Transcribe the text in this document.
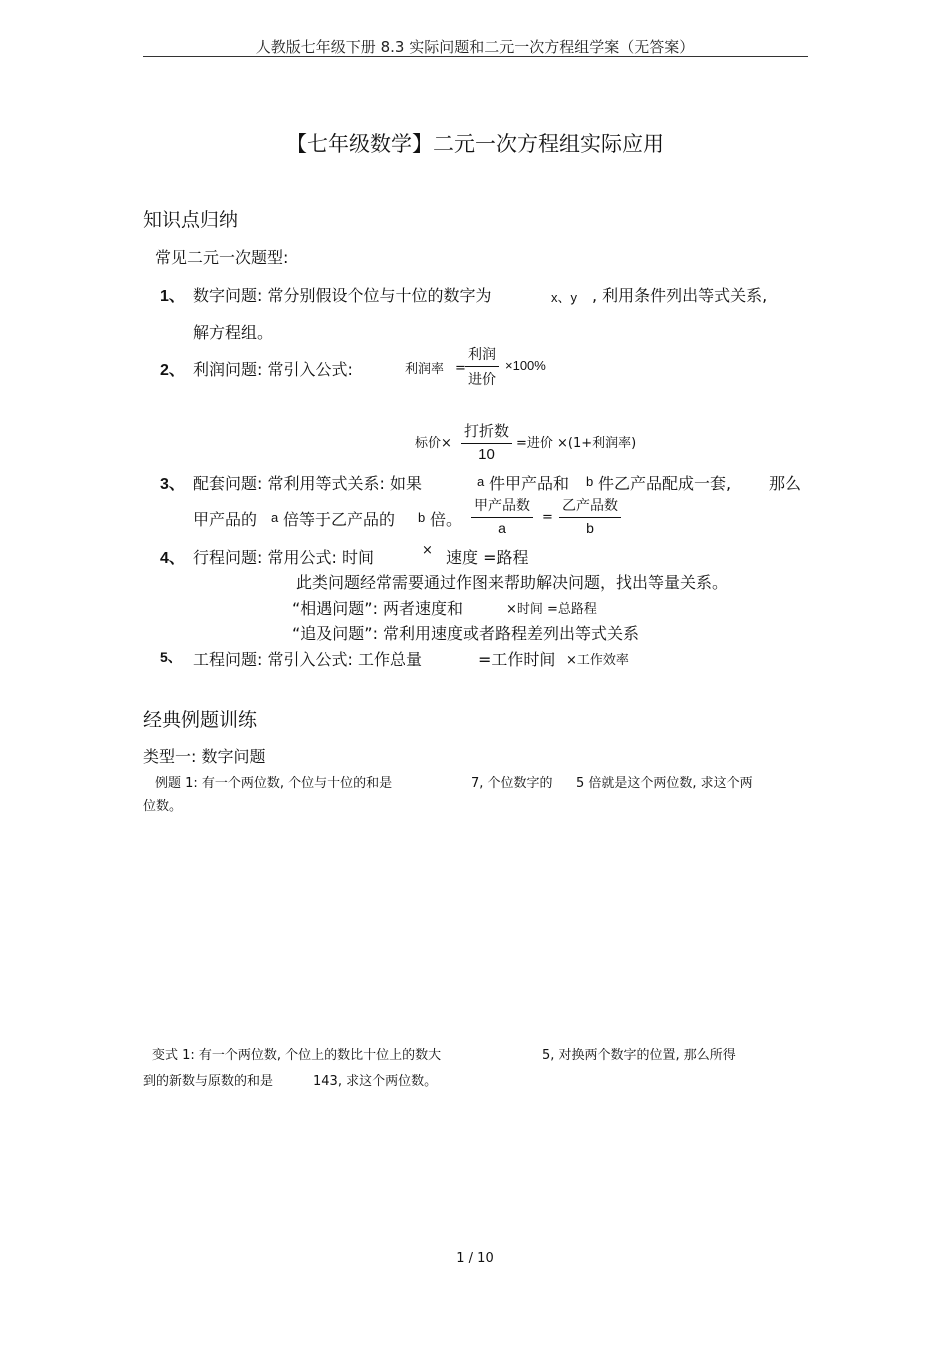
人教版七年级下册 8.3 实际问题和二元一次方程组学案（无答案）
【七年级数学】二元一次方程组实际应用
知识点归纳
常见二元一次题型:
1、 数字问题: 常分别假设个位与十位的数字为	x、y , 利用条件列出等式关系,
解方程组。
2、 利润问题: 常引入公式:	利润率 =
利润
进价
×100%
标价×
打折数
10
=进价 ×(1+利润率)
3、 配套问题: 常利用等式关系: 如果	a 件甲产品和 b 件乙产品配成一套, 那么
甲产品的 a 倍等于乙产品的 b 倍。
甲产品数
a
=
乙产品数
b
4、 行程问题: 常用公式: 时间	× 速度 =路程
此类问题经常需要通过作图来帮助解决问题，找出等量关系。
“相遇问题”: 两者速度和	×时间 =总路程
“追及问题”: 常利用速度或者路程差列出等式关系
5、 工程问题: 常引入公式: 工作总量	=工作时间 ×工作效率
经典例题训练
类型一: 数字问题
例题 1: 有一个两位数, 个位与十位的和是	7, 个位数字的 5 倍就是这个两位数, 求这个两
位数。
变式 1: 有一个两位数, 个位上的数比十位上的数大	5, 对换两个数字的位置, 那么所得
到的新数与原数的和是	143, 求这个两位数。
1 / 10
